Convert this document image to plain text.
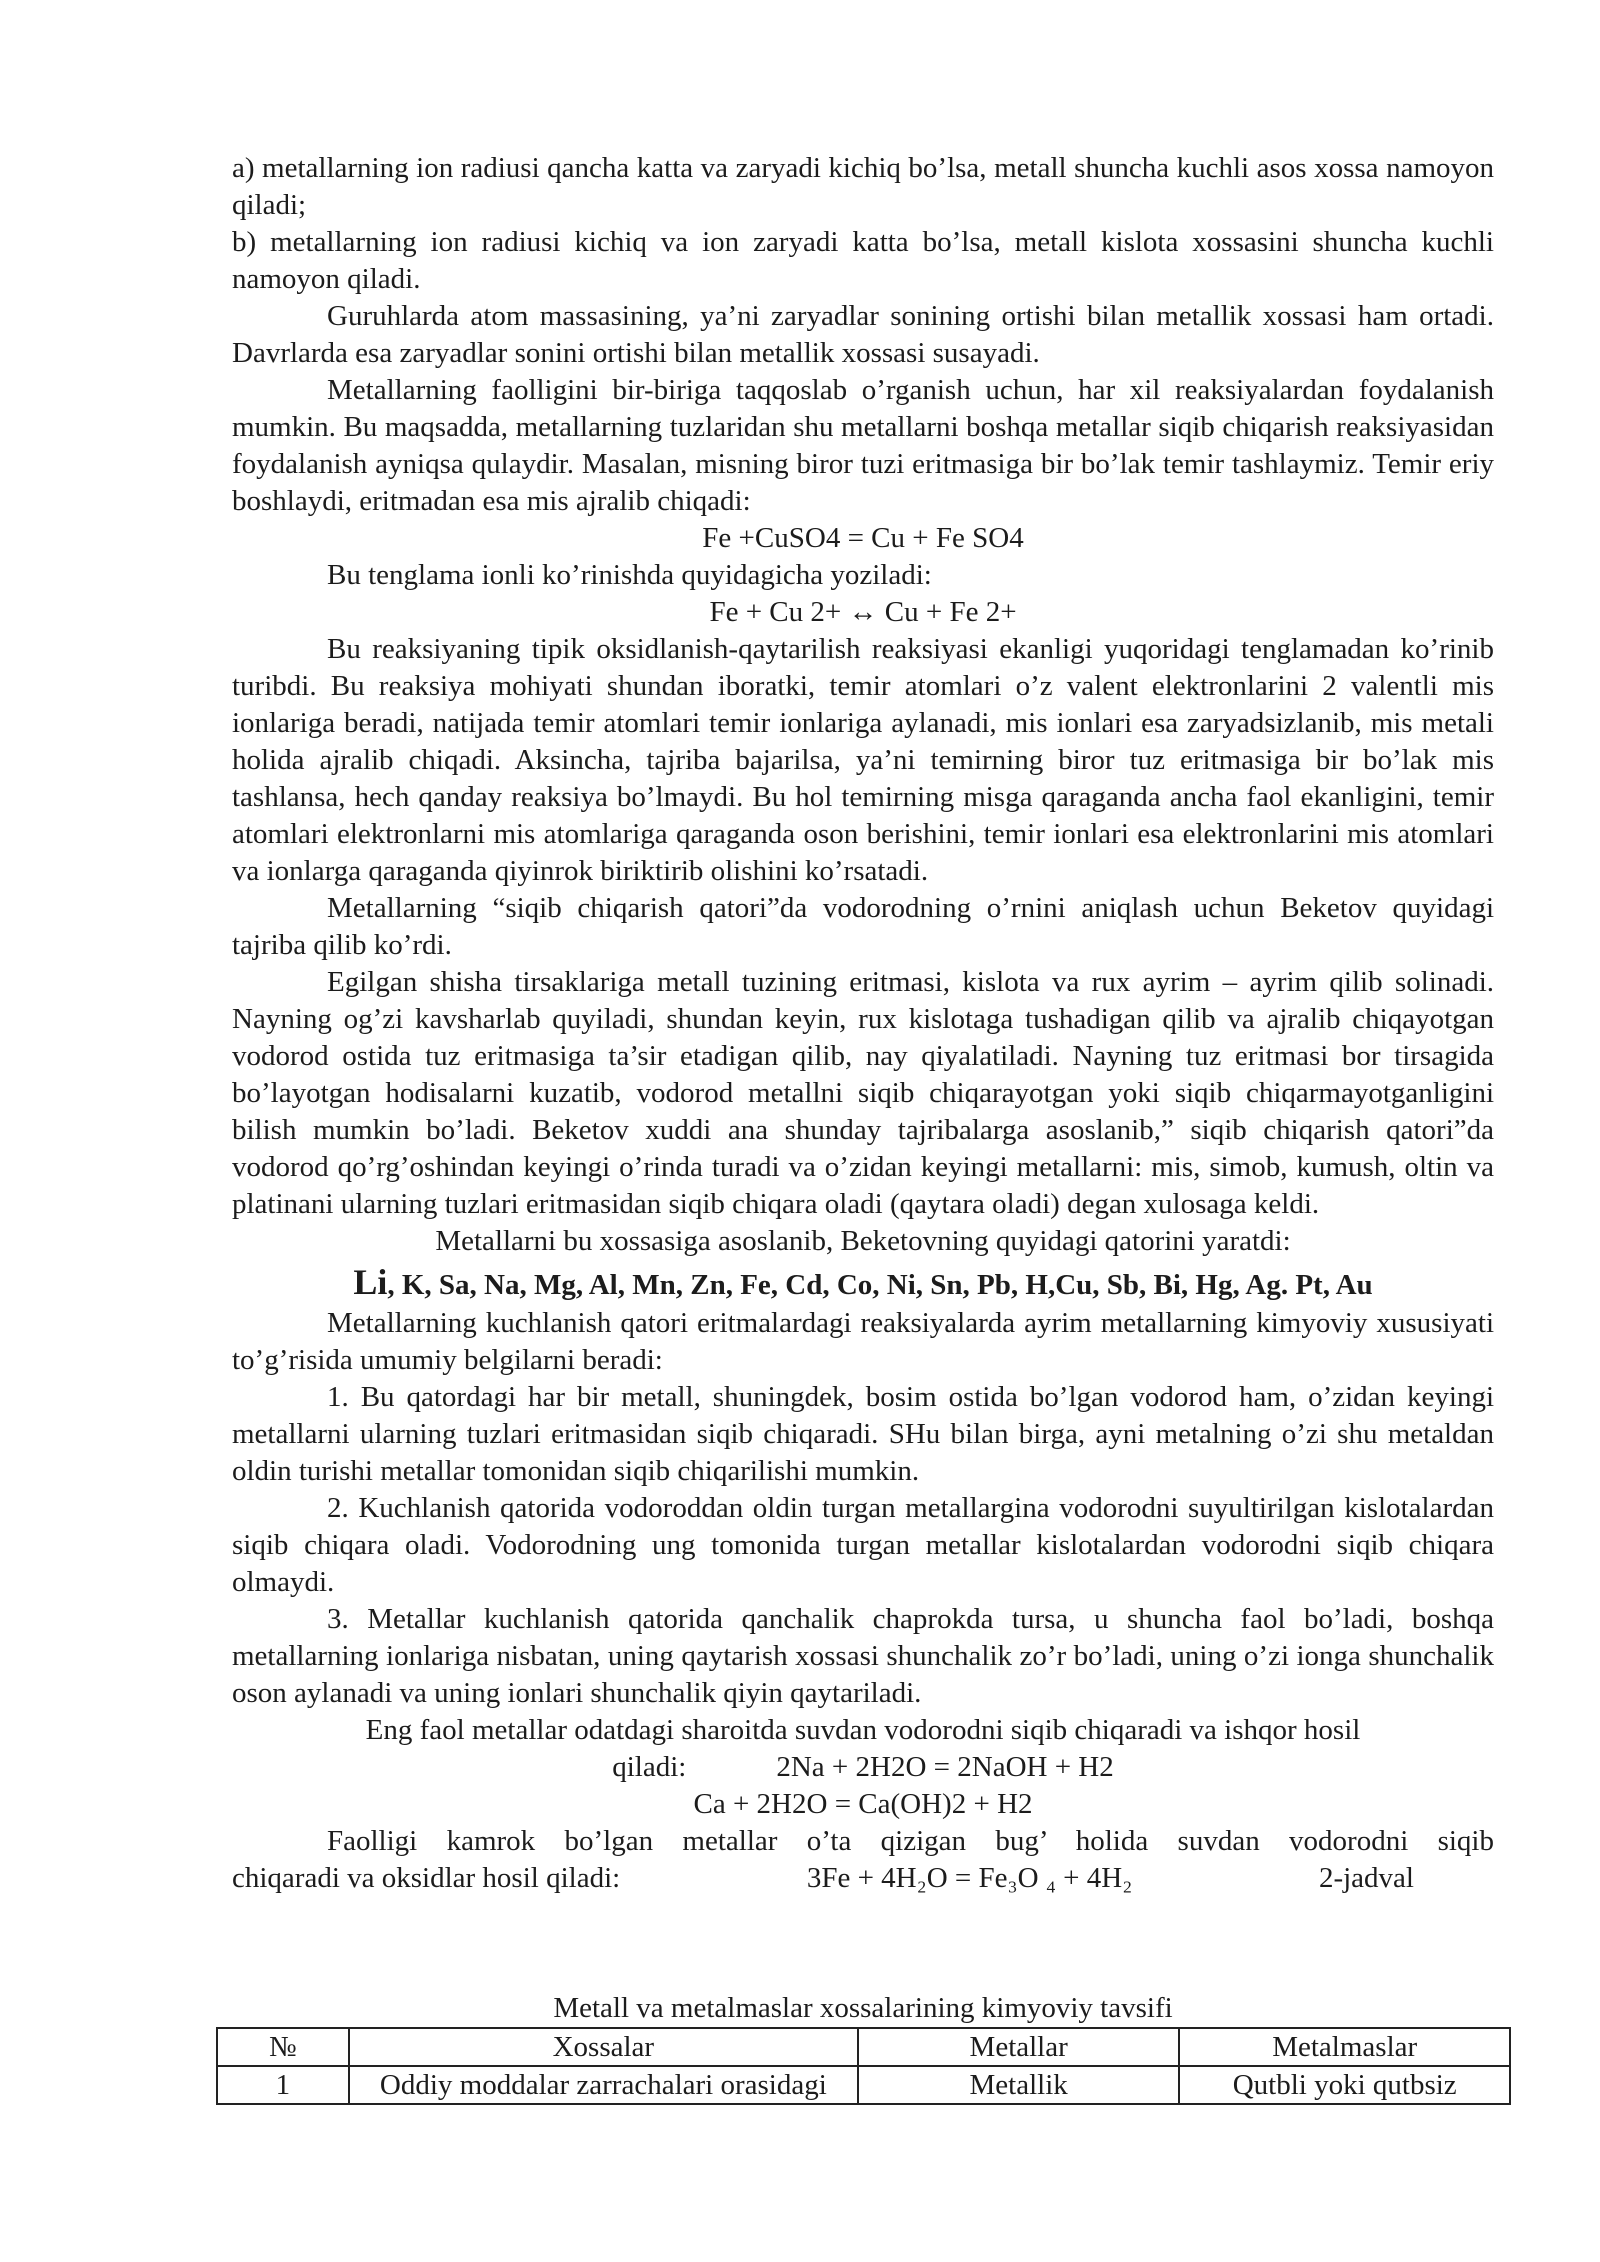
a) metallarning ion radiusi qancha katta va zaryadi kichiq bo’lsa, metall shuncha kuchli asos xossa namoyon qiladi;

b) metallarning ion radiusi kichiq va ion zaryadi katta bo’lsa, metall kislota xossasini shuncha kuchli namoyon qiladi.

Guruhlarda atom massasining, ya’ni zaryadlar sonining ortishi bilan metallik xossasi ham ortadi. Davrlarda esa zaryadlar sonini ortishi bilan metallik xossasi susayadi.

Metallarning faolligini bir-biriga taqqoslab o’rganish uchun, har xil reaksiyalardan foydalanish mumkin. Bu maqsadda, metallarning tuzlaridan shu metallarni boshqa metallar siqib chiqarish reaksiyasidan foydalanish ayniqsa qulaydir. Masalan, misning biror tuzi eritmasiga bir bo’lak temir tashlaymiz. Temir eriy boshlaydi, eritmadan esa mis ajralib chiqadi:

Fe +CuSO4 = Cu + Fe SO4

Bu tenglama ionli ko’rinishda quyidagicha yoziladi:

Fe + Cu 2+ ↔ Cu + Fe 2+

Bu reaksiyaning tipik oksidlanish-qaytarilish reaksiyasi ekanligi yuqoridagi tenglamadan ko’rinib turibdi. Bu reaksiya mohiyati shundan iboratki, temir atomlari o’z valent elektronlarini 2 valentli mis ionlariga beradi, natijada temir atomlari temir ionlariga aylanadi, mis ionlari esa zaryadsizlanib, mis metali holida ajralib chiqadi. Aksincha, tajriba bajarilsa, ya’ni temirning biror tuz eritmasiga bir bo’lak mis tashlansa, hech qanday reaksiya bo’lmaydi. Bu hol temirning misga qaraganda ancha faol ekanligini, temir atomlari elektronlarni mis atomlariga qaraganda oson berishini, temir ionlari esa elektronlarini mis atomlari va ionlarga qaraganda qiyinrok biriktirib olishini ko’rsatadi.

Metallarning “siqib chiqarish qatori”da vodorodning o’rnini aniqlash uchun Beketov quyidagi tajriba qilib ko’rdi.

Egilgan shisha tirsaklariga metall tuzining eritmasi, kislota va rux ayrim – ayrim qilib solinadi. Nayning og’zi kavsharlab quyiladi, shundan keyin, rux kislotaga tushadigan qilib va ajralib chiqayotgan vodorod ostida tuz eritmasiga ta’sir etadigan qilib, nay qiyalatiladi. Nayning tuz eritmasi bor tirsagida bo’layotgan hodisalarni kuzatib, vodorod metallni siqib chiqarayotgan yoki siqib chiqarmayotganligini bilish mumkin bo’ladi. Beketov xuddi ana shunday tajribalarga asoslanib,” siqib chiqarish qatori”da vodorod qo’rg’oshindan keyingi o’rinda turadi va o’zidan keyingi metallarni: mis, simob, kumush, oltin va platinani ularning tuzlari eritmasidan siqib chiqara oladi (qaytara oladi) degan xulosaga keldi.

Metallarni bu xossasiga asoslanib, Beketovning quyidagi qatorini yaratdi:

Li, K, Sa, Na, Mg, Al, Mn, Zn, Fe, Cd, Co, Ni, Sn, Pb, H,Cu, Sb, Bi, Hg, Ag. Pt, Au

Metallarning kuchlanish qatori eritmalardagi reaksiyalarda ayrim metallarning kimyoviy xususiyati to’g’risida umumiy belgilarni beradi:

1. Bu qatordagi har bir metall, shuningdek, bosim ostida bo’lgan vodorod ham, o’zidan keyingi metallarni ularning tuzlari eritmasidan siqib chiqaradi. SHu bilan birga, ayni metalning o’zi shu metaldan oldin turishi metallar tomonidan siqib chiqarilishi mumkin.

2. Kuchlanish qatorida vodoroddan oldin turgan metallargina vodorodni suyultirilgan kislotalardan siqib chiqara oladi. Vodorodning ung tomonida turgan metallar kislotalardan vodorodni siqib chiqara olmaydi.

3. Metallar kuchlanish qatorida qanchalik chaprokda tursa, u shuncha faol bo’ladi, boshqa metallarning ionlariga nisbatan, uning qaytarish xossasi shunchalik zo’r bo’ladi, uning o’zi ionga shunchalik oson aylanadi va uning ionlari shunchalik qiyin qaytariladi.

Eng faol metallar odatdagi sharoitda suvdan vodorodni siqib chiqaradi va ishqor hosil

qiladi:	2Na + 2H2O = 2NaOH + H2

Ca + 2H2O = Ca(OH)2 + H2

Faolligi kamrok bo’lgan metallar o’ta qizigan bug’ holida suvdan vodorodni siqib

chiqaradi va oksidlar hosil qiladi:	3Fe + 4H₂O = Fe₃O ₄ + 4H₂	2-jadval

Metall va metalmaslar xossalarining kimyoviy tavsifi
№	Xossalar	Metallar	Metalmaslar
1	Oddiy moddalar zarrachalari orasidagi	Metallik	Qutbli yoki qutbsiz
